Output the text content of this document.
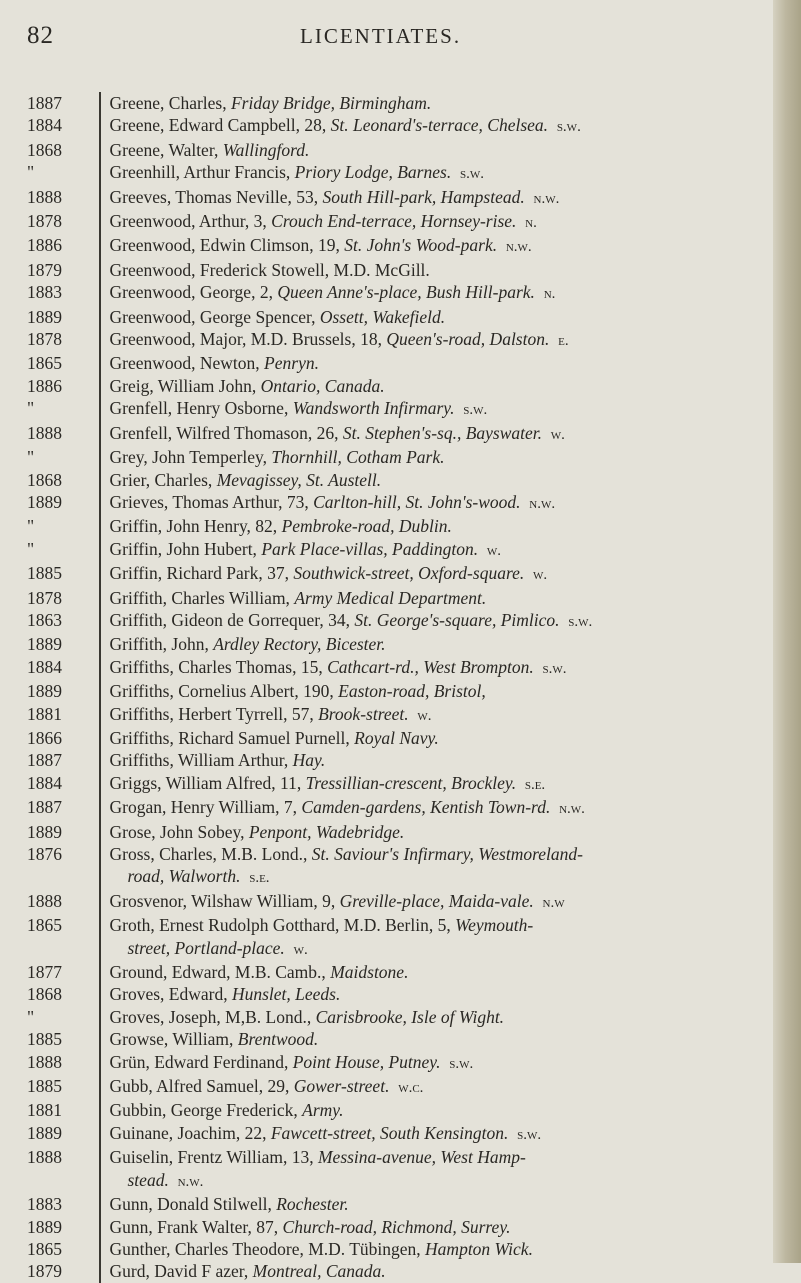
82	LICENTIATES.
1887	Greene, Charles, Friday Bridge, Birmingham.
1884	Greene, Edward Campbell, 28, St. Leonard's-terrace, Chelsea.  s.w.
1868	Greene, Walter, Wallingford.
"	Greenhill, Arthur Francis, Priory Lodge, Barnes.  s.w.
1888	Greeves, Thomas Neville, 53, South Hill-park, Hampstead.  n.w.
1878	Greenwood, Arthur, 3, Crouch End-terrace, Hornsey-rise.  n.
1886	Greenwood, Edwin Climson, 19, St. John's Wood-park.  n.w.
1879	Greenwood, Frederick Stowell, M.D. McGill.
1883	Greenwood, George, 2, Queen Anne's-place, Bush Hill-park.  n.
1889	Greenwood, George Spencer, Ossett, Wakefield.
1878	Greenwood, Major, M.D. Brussels, 18, Queen's-road, Dalston.  e.
1865	Greenwood, Newton, Penryn.
1886	Greig, William John, Ontario, Canada.
"	Grenfell, Henry Osborne, Wandsworth Infirmary.  s.w.
1888	Grenfell, Wilfred Thomason, 26, St. Stephen's-sq., Bayswater.  w.
"	Grey, John Temperley, Thornhill, Cotham Park.
1868	Grier, Charles, Mevagissey, St. Austell.
1889	Grieves, Thomas Arthur, 73, Carlton-hill, St. John's-wood.  n.w.
"	Griffin, John Henry, 82, Pembroke-road, Dublin.
"	Griffin, John Hubert, Park Place-villas, Paddington.  w.
1885	Griffin, Richard Park, 37, Southwick-street, Oxford-square.  w.
1878	Griffith, Charles William, Army Medical Department.
1863	Griffith, Gideon de Gorrequer, 34, St. George's-square, Pimlico.  s.w.
1889	Griffith, John, Ardley Rectory, Bicester.
1884	Griffiths, Charles Thomas, 15, Cathcart-rd., West Brompton.  s.w.
1889	Griffiths, Cornelius Albert, 190, Easton-road, Bristol,
1881	Griffiths, Herbert Tyrrell, 57, Brook-street.  w.
1866	Griffiths, Richard Samuel Purnell, Royal Navy.
1887	Griffiths, William Arthur, Hay.
1884	Griggs, William Alfred, 11, Tressillian-crescent, Brockley.  s.e.
1887	Grogan, Henry William, 7, Camden-gardens, Kentish Town-rd.  n.w.
1889	Grose, John Sobey, Penpont, Wadebridge.
1876	Gross, Charles, M.B. Lond., St. Saviour's Infirmary, Westmoreland-
road, Walworth.  s.e.
1888	Grosvenor, Wilshaw William, 9, Greville-place, Maida-vale.  n.w
1865	Groth, Ernest Rudolph Gotthard, M.D. Berlin, 5, Weymouth-
street, Portland-place.  w.
1877	Ground, Edward, M.B. Camb., Maidstone.
1868	Groves, Edward, Hunslet, Leeds.
"	Groves, Joseph, M,B. Lond., Carisbrooke, Isle of Wight.
1885	Growse, William, Brentwood.
1888	Grün, Edward Ferdinand, Point House, Putney.  s.w.
1885	Gubb, Alfred Samuel, 29, Gower-street.  w.c.
1881	Gubbin, George Frederick, Army.
1889	Guinane, Joachim, 22, Fawcett-street, South Kensington.  s.w.
1888	Guiselin, Frentz William, 13, Messina-avenue, West Hamp-
stead.  n.w.
1883	Gunn, Donald Stilwell, Rochester.
1889	Gunn, Frank Walter, 87, Church-road, Richmond, Surrey.
1865	Gunther, Charles Theodore, M.D. Tübingen, Hampton Wick.
1879	Gurd, David F azer, Montreal, Canada.
